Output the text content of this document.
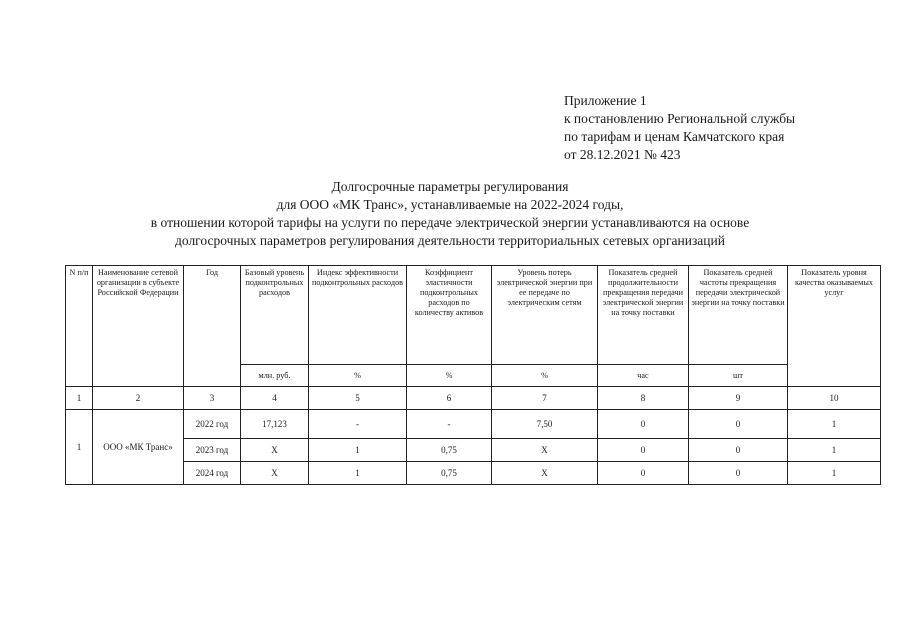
Приложение 1
к постановлению Региональной службы
по тарифам и ценам Камчатского края
от 28.12.2021 № 423
Долгосрочные параметры регулирования
для ООО «МК Транс», устанавливаемые на 2022-2024 годы,
в отношении которой тарифы на услуги по передаче электрической энергии устанавливаются на основе
долгосрочных параметров регулирования деятельности территориальных сетевых организаций
N п/п	Наименование сетевой организации в субъекте Российской Федерации	Год	Базовый уровень подконтрольных расходов	Индекс эффективности подконтрольных расходов	Коэффициент эластичности подконтрольных расходов по количеству активов	Уровень потерь электрической энергии при ее передаче по электрическим сетям	Показатель средней продолжительности прекращения передачи электрической энергии на точку поставки	Показатель средней частоты прекращения передачи электрической энергии на точку поставки	Показатель уровня качества оказываемых услуг
			млн. руб.	%	%	%	час	шт	
1	2	3	4	5	6	7	8	9	10
1	ООО «МК Транс»	2022 год	17,123	-	-	7,50	0	0	1
		2023 год	Х	1	0,75	Х	0	0	1
		2024 год	Х	1	0,75	Х	0	0	1
